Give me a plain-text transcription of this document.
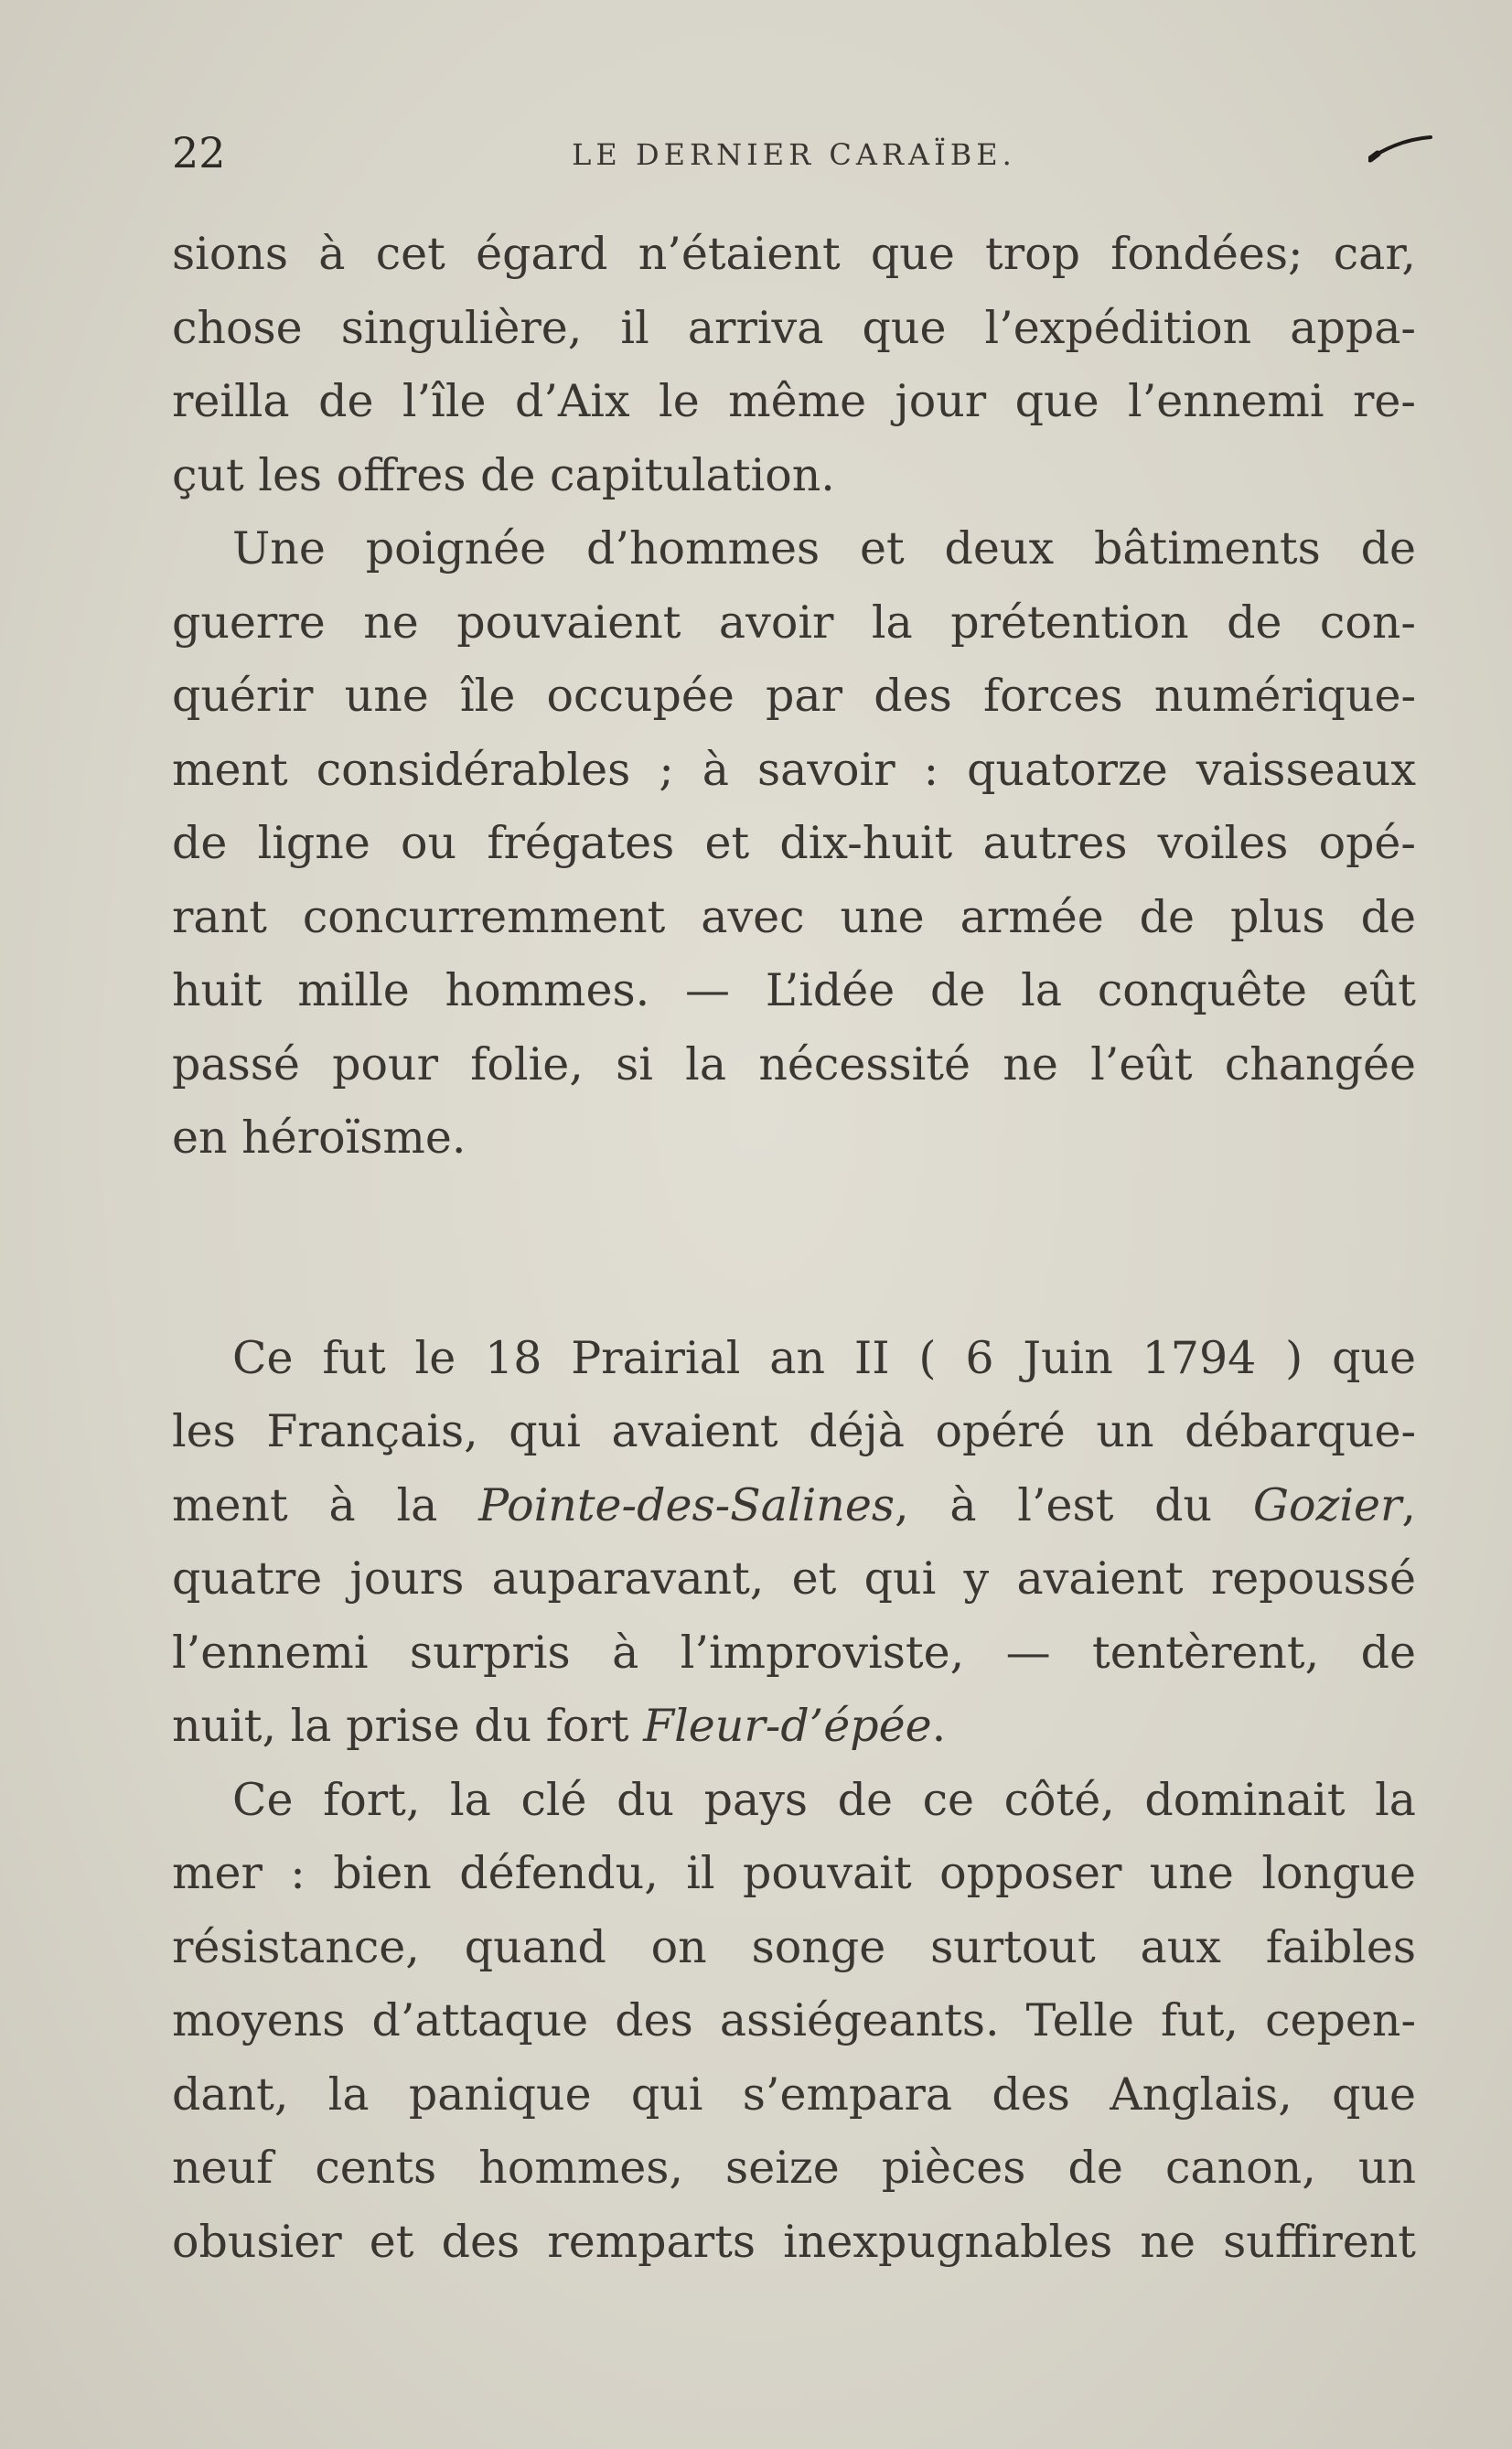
22	LE DERNIER CARAÏBE.
sions à cet égard n’étaient que trop fondées; car,
chose singulière, il arriva que l’expédition appa-
reilla de l’île d’Aix le même jour que l’ennemi re-
çut les offres de capitulation.
Une poignée d’hommes et deux bâtiments de
guerre ne pouvaient avoir la prétention de con-
quérir une île occupée par des forces numérique-
ment considérables ; à savoir : quatorze vaisseaux
de ligne ou frégates et dix-huit autres voiles opé-
rant concurremment avec une armée de plus de
huit mille hommes. — L’idée de la conquête eût
passé pour folie, si la nécessité ne l’eût changée
en héroïsme.
Ce fut le 18 Prairial an II ( 6 Juin 1794 ) que
les Français, qui avaient déjà opéré un débarque-
ment à la Pointe-des-Salines, à l’est du Gozier,
quatre jours auparavant, et qui y avaient repoussé
l’ennemi surpris à l’improviste, — tentèrent, de
nuit, la prise du fort Fleur-d’épée.
Ce fort, la clé du pays de ce côté, dominait la
mer : bien défendu, il pouvait opposer une longue
résistance, quand on songe surtout aux faibles
moyens d’attaque des assiégeants. Telle fut, cepen-
dant, la panique qui s’empara des Anglais, que
neuf cents hommes, seize pièces de canon, un
obusier et des remparts inexpugnables ne suffirent
